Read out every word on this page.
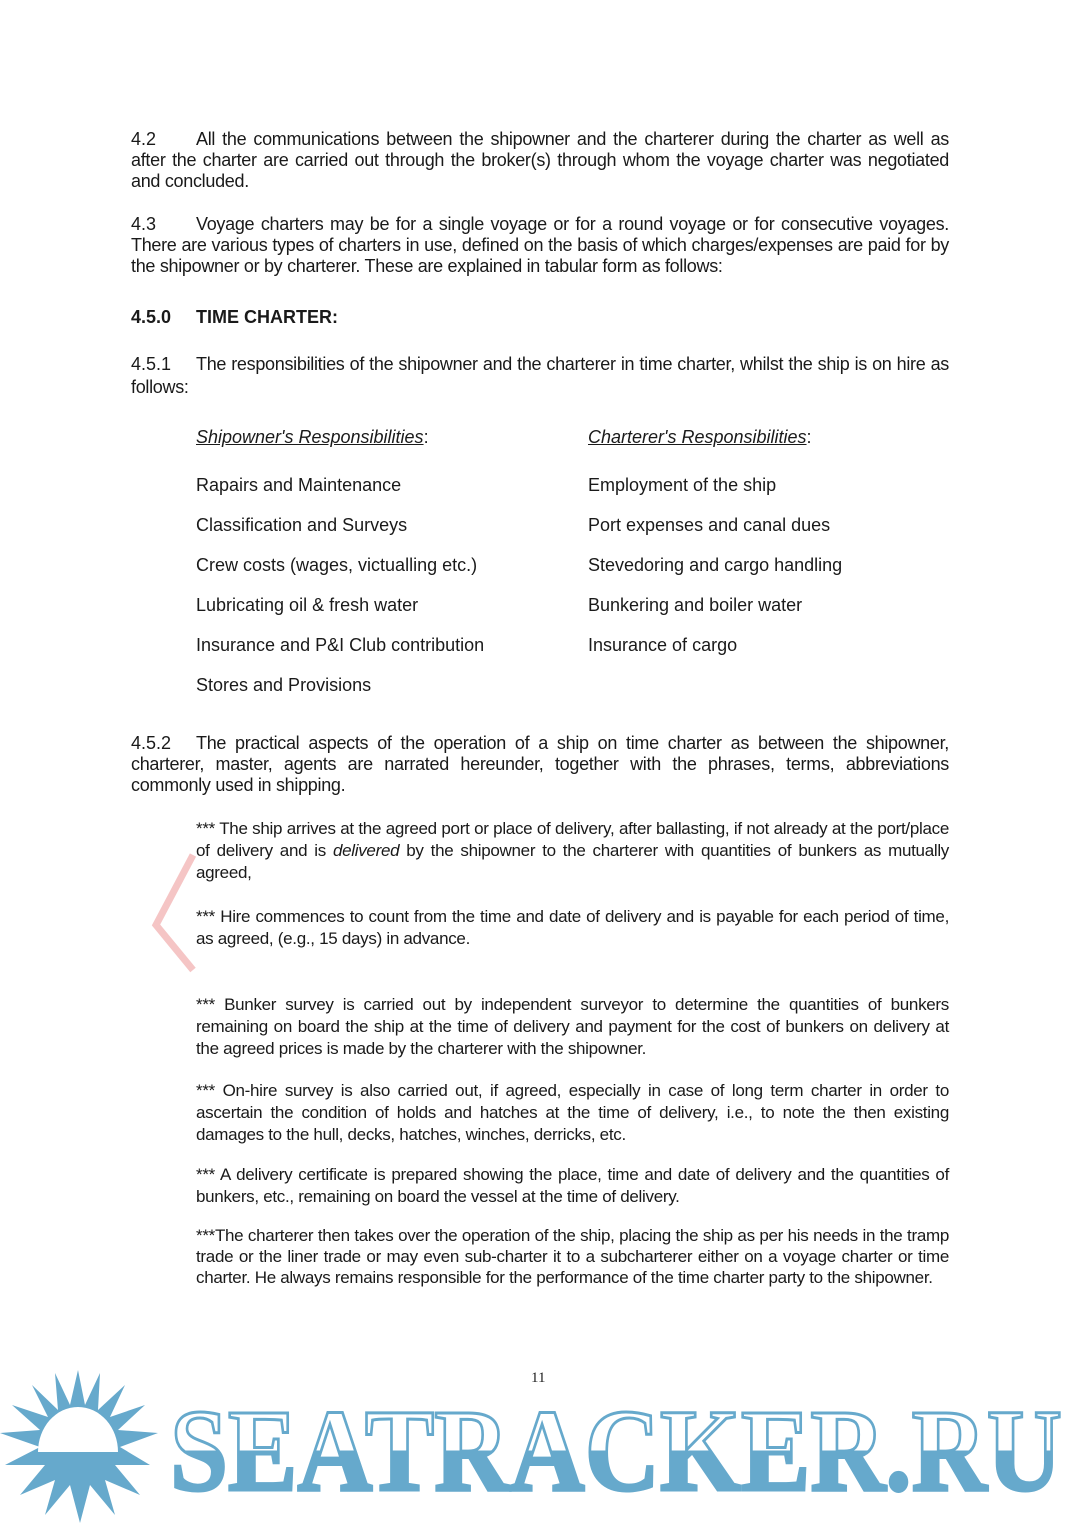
4.2 All the communications between the shipowner and the charterer during the charter as well as after the charter are carried out through the broker(s) through whom the voyage charter was negotiated and concluded.
4.3 Voyage charters may be for a single voyage or for a round voyage or for consecutive voyages. There are various types of charters in use, defined on the basis of which charges/expenses are paid for by the shipowner or by charterer. These are explained in tabular form as follows:
4.5.0 TIME CHARTER:
4.5.1 The responsibilities of the shipowner and the charterer in time charter, whilst the ship is on hire as follows:
Shipowner's Responsibilities:	Charterer's Responsibilities:
Rapairs and Maintenance	Employment of the ship
Classification and Surveys	Port expenses and canal dues
Crew costs (wages, victualling etc.)	Stevedoring and cargo handling
Lubricating oil & fresh water	Bunkering and boiler water
Insurance and P&I Club contribution	Insurance of cargo
Stores and Provisions
4.5.2 The practical aspects of the operation of a ship on time charter as between the shipowner, charterer, master, agents are narrated hereunder, together with the phrases, terms, abbreviations commonly used in shipping.
*** The ship arrives at the agreed port or place of delivery, after ballasting, if not already at the port/place of delivery and is delivered by the shipowner to the charterer with quantities of bunkers as mutually agreed,
*** Hire commences to count from the time and date of delivery and is payable for each period of time, as agreed, (e.g., 15 days) in advance.
*** Bunker survey is carried out by independent surveyor to determine the quantities of bunkers remaining on board the ship at the time of delivery and payment for the cost of bunkers on delivery at the agreed prices is made by the charterer with the shipowner.
*** On-hire survey is also carried out, if agreed, especially in case of long term charter in order to ascertain the condition of holds and hatches at the time of delivery, i.e., to note the then existing damages to the hull, decks, hatches, winches, derricks, etc.
*** A delivery certificate is prepared showing the place, time and date of delivery and the quantities of bunkers, etc., remaining on board the vessel at the time of delivery.
***The charterer then takes over the operation of the ship, placing the ship as per his needs in the tramp trade or the liner trade or may even sub-charter it to a subcharterer either on a voyage charter or time charter. He always remains responsible for the performance of the time charter party to the shipowner.
SEATRACKER.RU
11
